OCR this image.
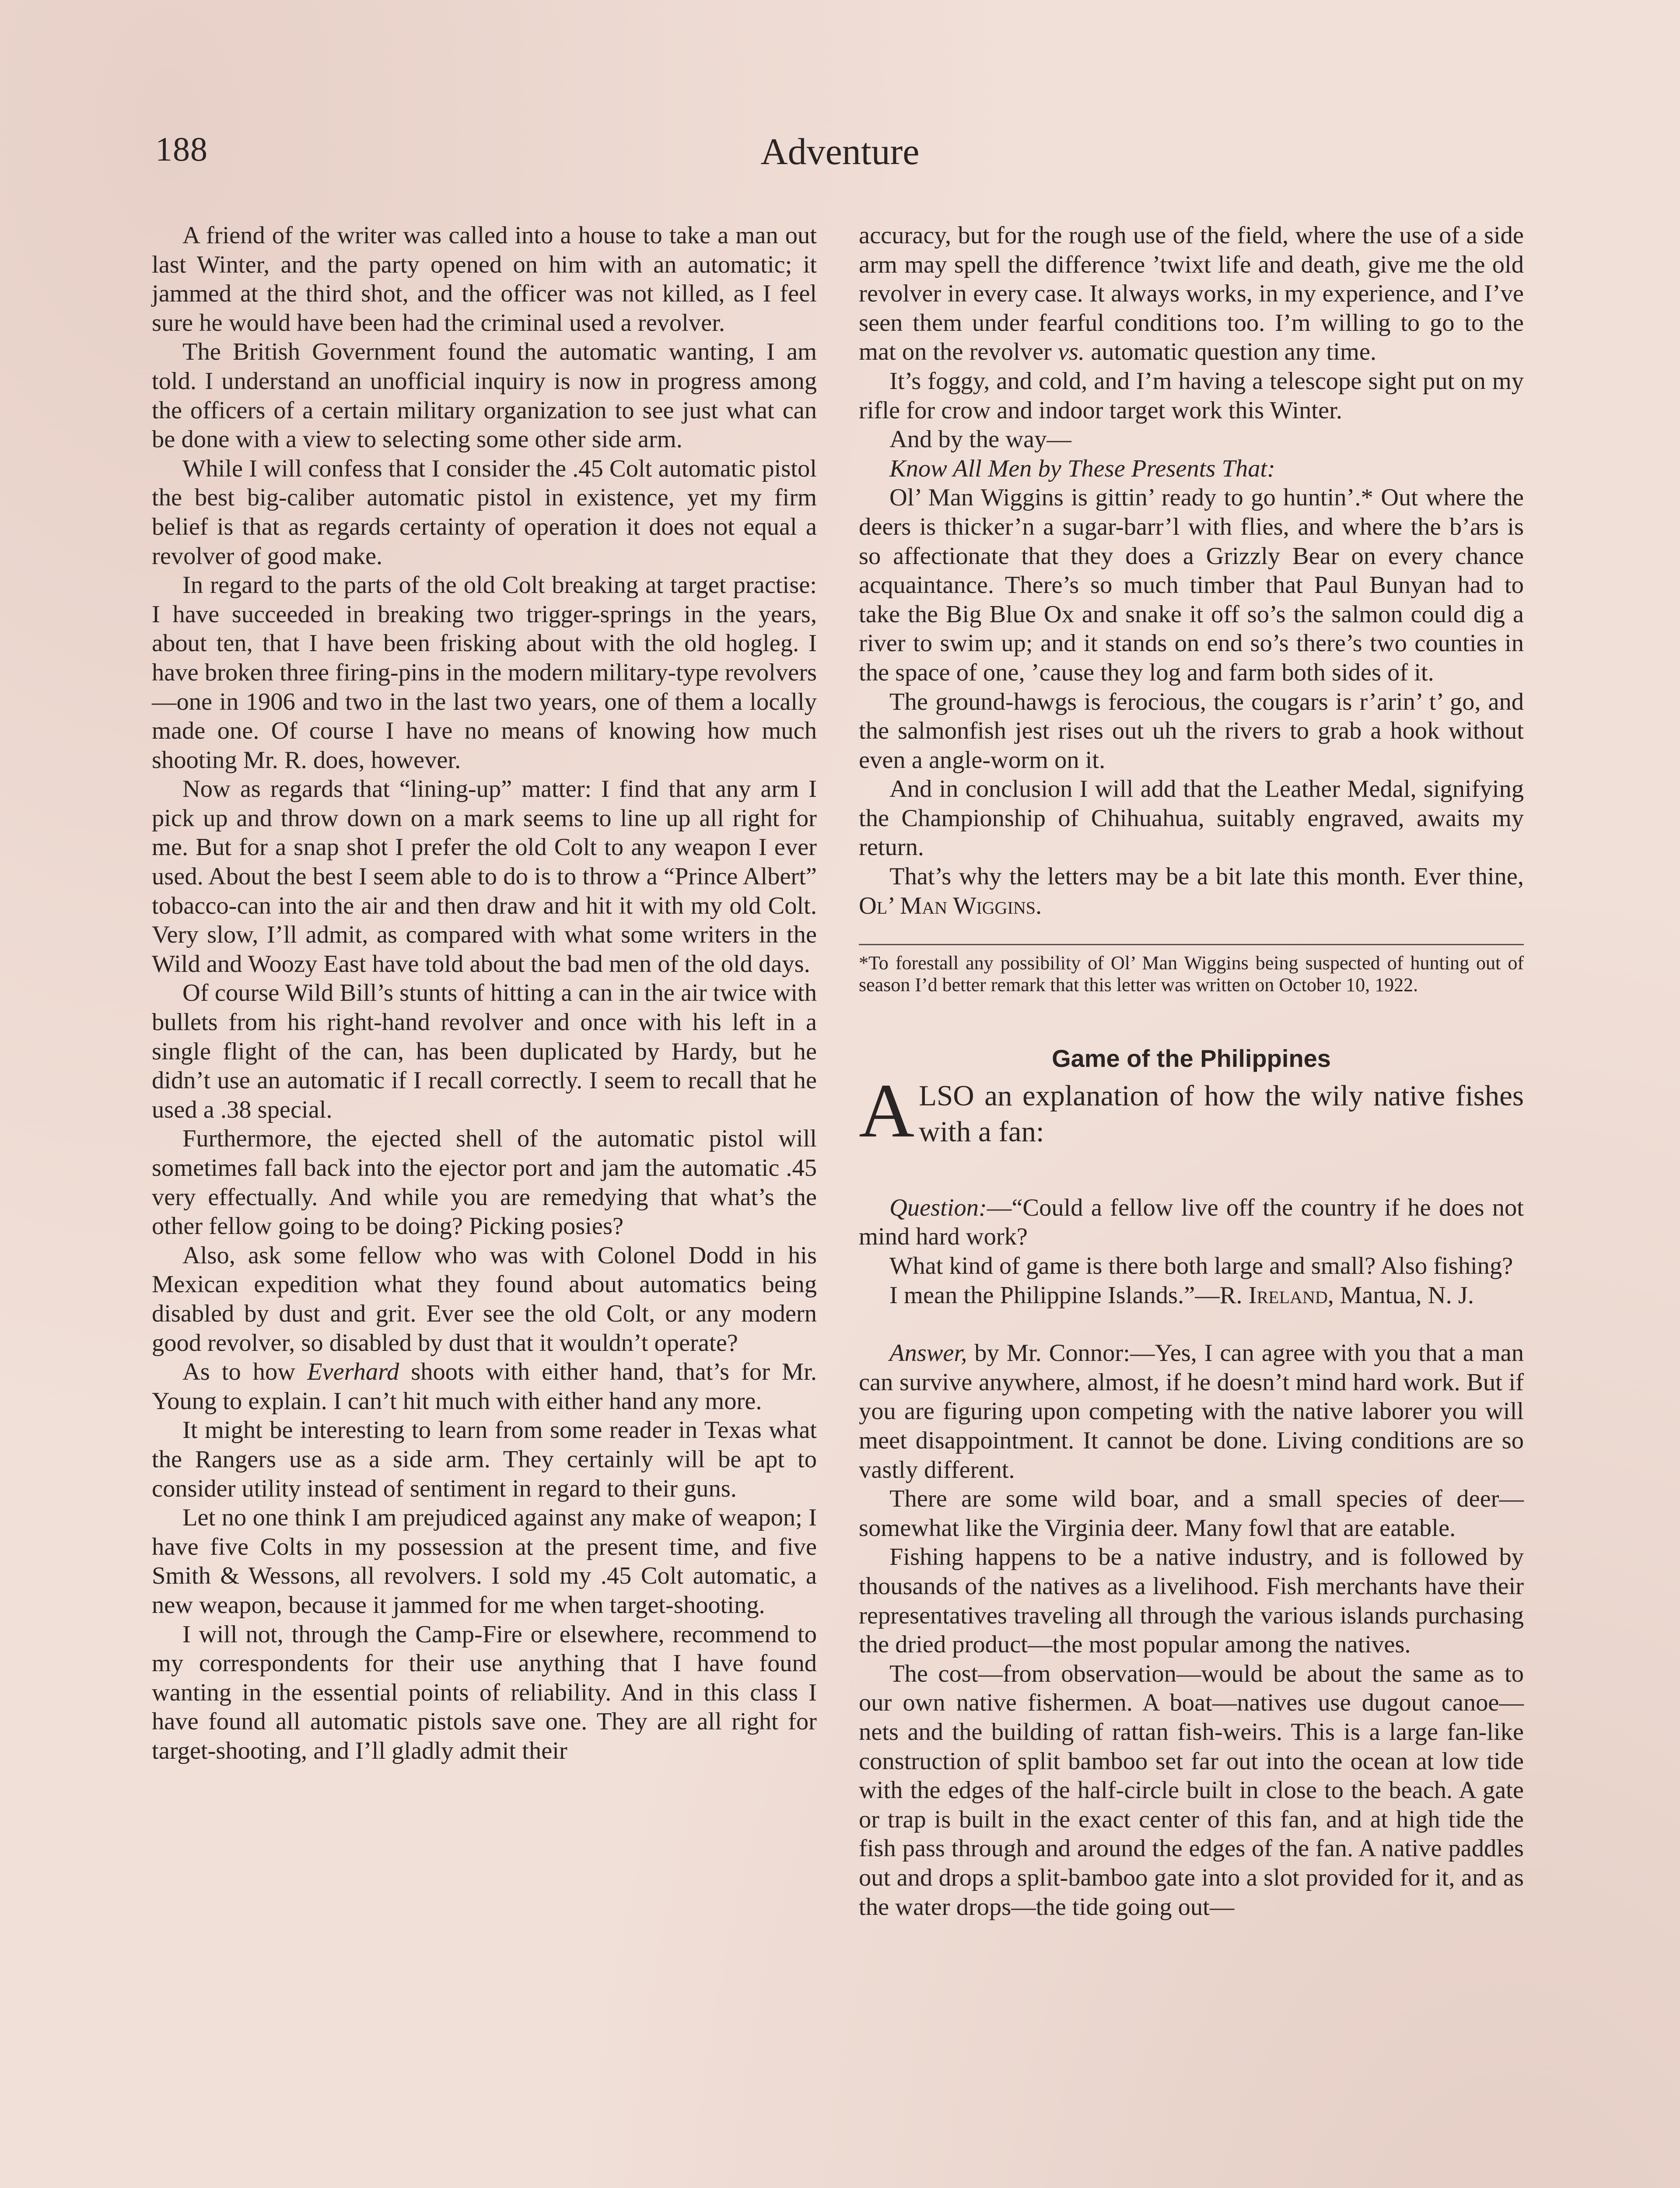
188	Adventure

A friend of the writer was called into a house to take a man out last Winter, and the party opened on him with an automatic; it jammed at the third shot, and the officer was not killed, as I feel sure he would have been had the criminal used a revolver.

The British Government found the automatic wanting, I am told. I understand an unofficial inquiry is now in progress among the officers of a certain military organization to see just what can be done with a view to selecting some other side arm.

While I will confess that I consider the .45 Colt automatic pistol the best big-caliber automatic pistol in existence, yet my firm belief is that as regards certainty of operation it does not equal a revolver of good make.

In regard to the parts of the old Colt breaking at target practise: I have succeeded in breaking two trigger-springs in the years, about ten, that I have been frisking about with the old hogleg. I have broken three firing-pins in the modern military-type revolvers—one in 1906 and two in the last two years, one of them a locally made one. Of course I have no means of knowing how much shooting Mr. R. does, however.

Now as regards that “lining-up” matter: I find that any arm I pick up and throw down on a mark seems to line up all right for me. But for a snap shot I prefer the old Colt to any weapon I ever used. About the best I seem able to do is to throw a “Prince Albert” tobacco-can into the air and then draw and hit it with my old Colt. Very slow, I’ll admit, as compared with what some writers in the Wild and Woozy East have told about the bad men of the old days.

Of course Wild Bill’s stunts of hitting a can in the air twice with bullets from his right-hand revolver and once with his left in a single flight of the can, has been duplicated by Hardy, but he didn’t use an automatic if I recall correctly. I seem to recall that he used a .38 special.

Furthermore, the ejected shell of the automatic pistol will sometimes fall back into the ejector port and jam the automatic .45 very effectually. And while you are remedying that what’s the other fellow going to be doing? Picking posies?

Also, ask some fellow who was with Colonel Dodd in his Mexican expedition what they found about automatics being disabled by dust and grit. Ever see the old Colt, or any modern good revolver, so disabled by dust that it wouldn’t operate?

As to how Everhard shoots with either hand, that’s for Mr. Young to explain. I can’t hit much with either hand any more.

It might be interesting to learn from some reader in Texas what the Rangers use as a side arm. They certainly will be apt to consider utility instead of sentiment in regard to their guns.

Let no one think I am prejudiced against any make of weapon; I have five Colts in my possession at the present time, and five Smith & Wessons, all revolvers. I sold my .45 Colt automatic, a new weapon, because it jammed for me when target-shooting.

I will not, through the Camp-Fire or elsewhere, recommend to my correspondents for their use anything that I have found wanting in the essential points of reliability. And in this class I have found all automatic pistols save one. They are all right for target-shooting, and I’ll gladly admit their

accuracy, but for the rough use of the field, where the use of a side arm may spell the difference ’twixt life and death, give me the old revolver in every case. It always works, in my experience, and I’ve seen them under fearful conditions too. I’m willing to go to the mat on the revolver vs. automatic question any time.

It’s foggy, and cold, and I’m having a telescope sight put on my rifle for crow and indoor target work this Winter.

And by the way—

Know All Men by These Presents That:

Ol’ Man Wiggins is gittin’ ready to go huntin’.* Out where the deers is thicker’n a sugar-barr’l with flies, and where the b’ars is so affectionate that they does a Grizzly Bear on every chance acquaintance. There’s so much timber that Paul Bunyan had to take the Big Blue Ox and snake it off so’s the salmon could dig a river to swim up; and it stands on end so’s there’s two counties in the space of one, ’cause they log and farm both sides of it.

The ground-hawgs is ferocious, the cougars is r’arin’ t’ go, and the salmonfish jest rises out uh the rivers to grab a hook without even a angle-worm on it.

And in conclusion I will add that the Leather Medal, signifying the Championship of Chihuahua, suitably engraved, awaits my return.

That’s why the letters may be a bit late this month. Ever thine, Ol’ Man Wiggins.

*To forestall any possibility of Ol’ Man Wiggins being suspected of hunting out of season I’d better remark that this letter was written on October 10, 1922.

Game of the Philippines

ALSO an explanation of how the wily native fishes with a fan:

Question:—“Could a fellow live off the country if he does not mind hard work?

What kind of game is there both large and small? Also fishing?

I mean the Philippine Islands.”—R. Ireland, Mantua, N. J.

Answer, by Mr. Connor:—Yes, I can agree with you that a man can survive anywhere, almost, if he doesn’t mind hard work. But if you are figuring upon competing with the native laborer you will meet disappointment. It cannot be done. Living conditions are so vastly different.

There are some wild boar, and a small species of deer—somewhat like the Virginia deer. Many fowl that are eatable.

Fishing happens to be a native industry, and is followed by thousands of the natives as a livelihood. Fish merchants have their representatives traveling all through the various islands purchasing the dried product—the most popular among the natives.

The cost—from observation—would be about the same as to our own native fishermen. A boat—natives use dugout canoe—nets and the building of rattan fish-weirs. This is a large fan-like construction of split bamboo set far out into the ocean at low tide with the edges of the half-circle built in close to the beach. A gate or trap is built in the exact center of this fan, and at high tide the fish pass through and around the edges of the fan. A native paddles out and drops a split-bamboo gate into a slot provided for it, and as the water drops—the tide going out—
